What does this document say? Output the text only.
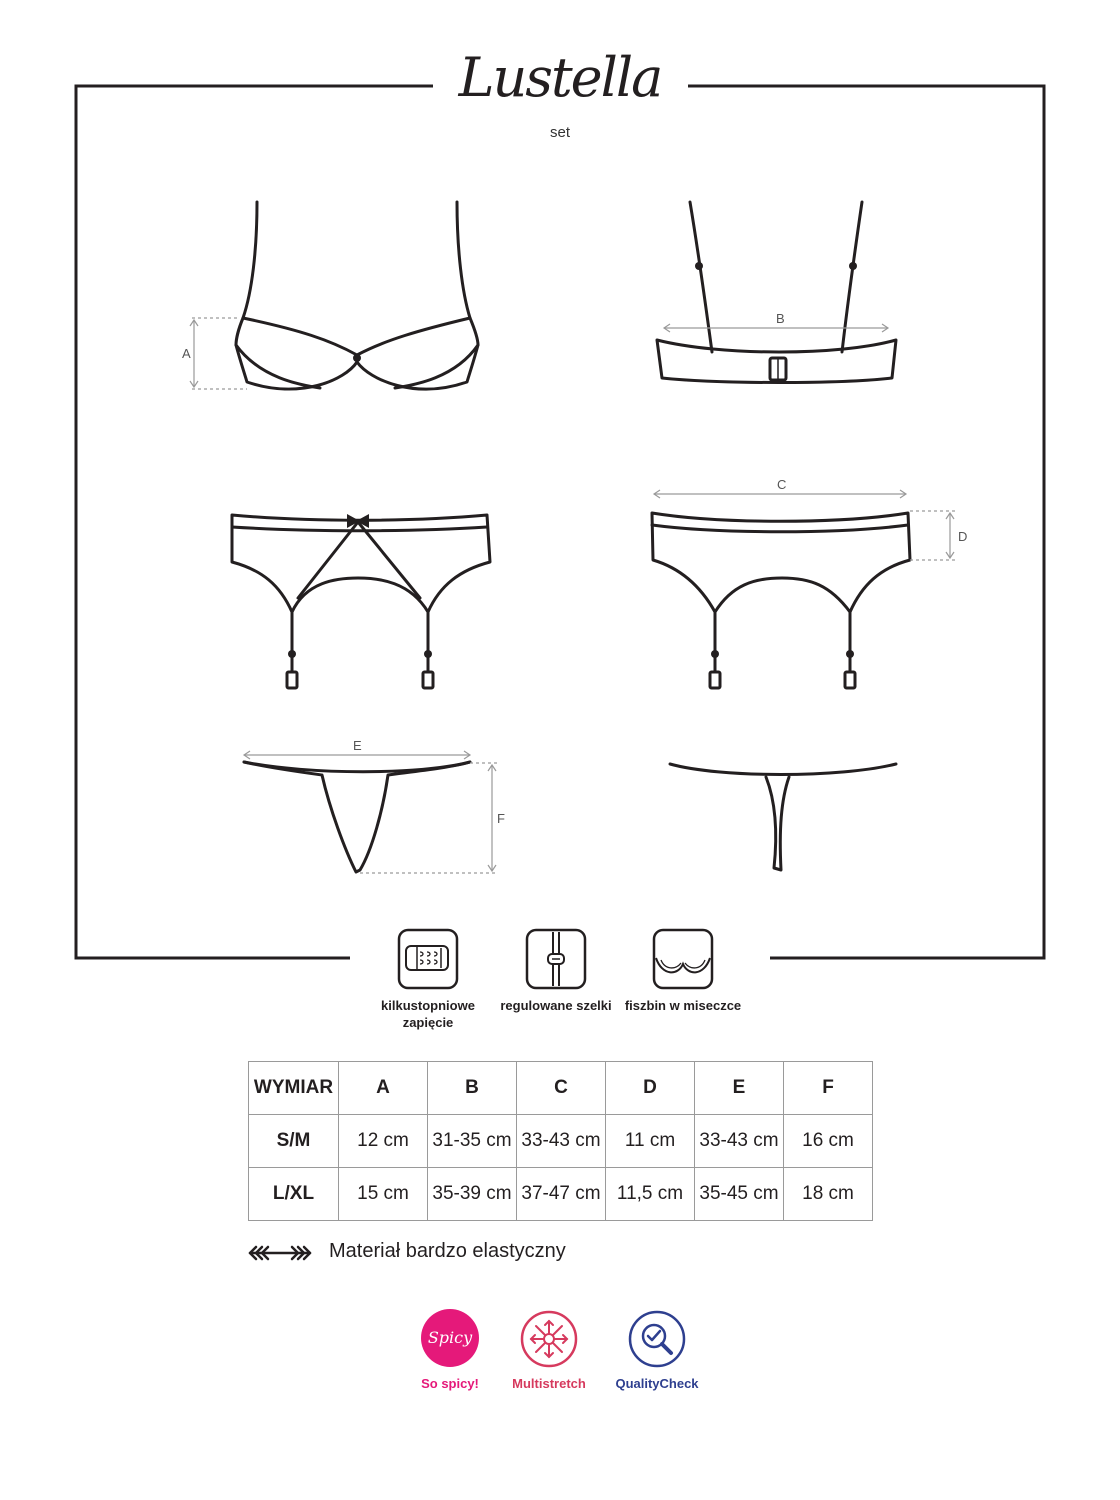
A
B
C
D
E
F
Lustella
set
kilkustopniowe zapięcie
regulowane szelki	fiszbin w miseczce
WYMIAR	A	B	C	D	E	F
S/M	12 cm	31-35 cm	33-43 cm	11 cm	33-43 cm	16 cm
L/XL	15 cm	35-39 cm	37-47 cm	11,5 cm	35-45 cm	18 cm
Materiał bardzo elastyczny
Spicy
So spicy!	Multistretch	QualityCheck
